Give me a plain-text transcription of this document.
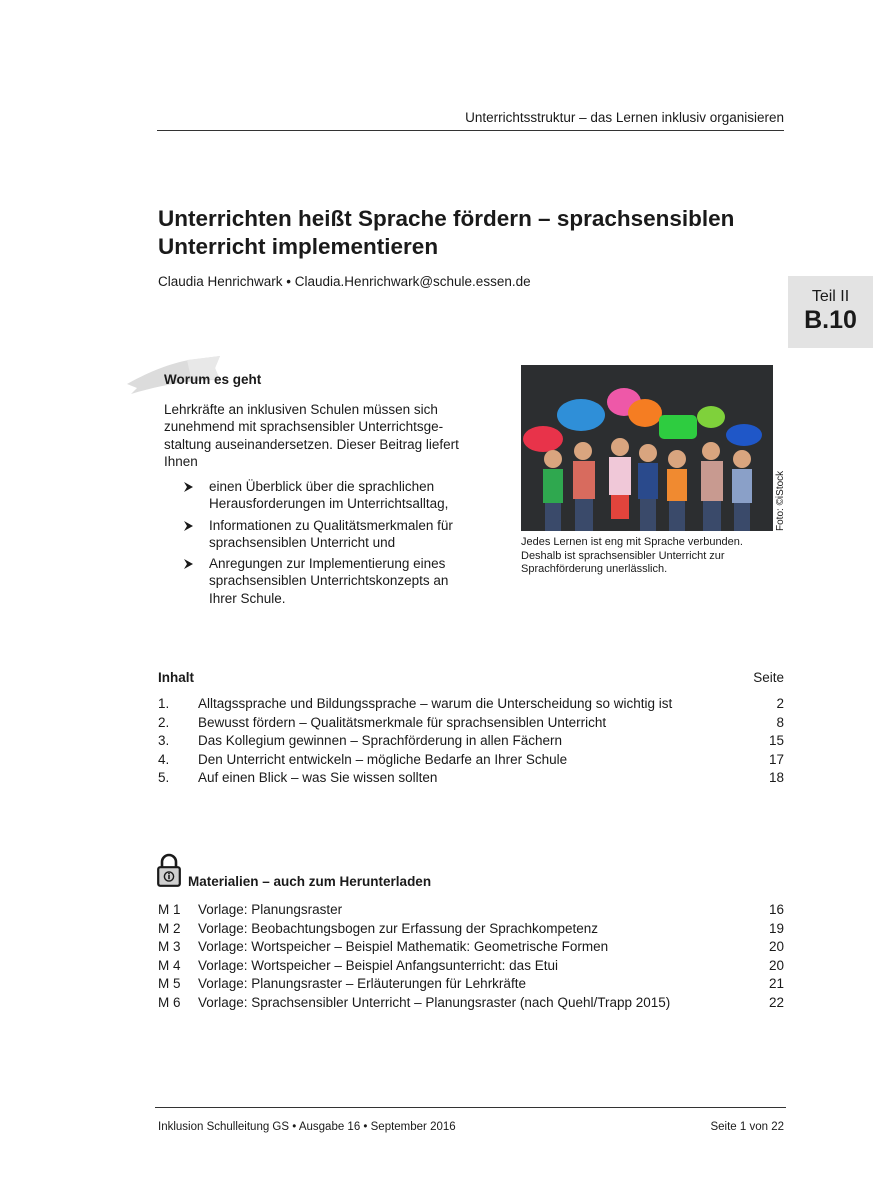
Unterrichtsstruktur – das Lernen inklusiv organisieren
Unterrichten heißt Sprache fördern – sprachsensiblen
Unterricht implementieren
Claudia Henrichwark • Claudia.Henrichwark@schule.essen.de
Teil II
B.10
Worum es geht
Lehrkräfte an inklusiven Schulen müssen sich zunehmend mit sprachsensibler Unterrichtsge-staltung auseinandersetzen. Dieser Beitrag liefert Ihnen
einen Überblick über die sprachlichen Herausforderungen im Unterrichtsalltag,
Informationen zu Qualitätsmerkmalen für sprachsensiblen Unterricht und
Anregungen zur Implementierung eines sprachsensiblen Unterrichtskonzepts an Ihrer Schule.
Foto: ©iStock
Jedes Lernen ist eng mit Sprache verbunden. Deshalb ist sprachsensibler Unterricht zur Sprachförderung unerlässlich.
Inhalt	Seite
1. Alltagssprache und Bildungssprache – warum die Unterscheidung so wichtig ist	2
2. Bewusst fördern – Qualitätsmerkmale für sprachsensiblen Unterricht	8
3. Das Kollegium gewinnen – Sprachförderung in allen Fächern	15
4. Den Unterricht entwickeln – mögliche Bedarfe an Ihrer Schule	17
5. Auf einen Blick – was Sie wissen sollten	18
Materialien – auch zum Herunterladen
M 1 Vorlage: Planungsraster	16
M 2 Vorlage: Beobachtungsbogen zur Erfassung der Sprachkompetenz	19
M 3 Vorlage: Wortspeicher – Beispiel Mathematik: Geometrische Formen	20
M 4 Vorlage: Wortspeicher – Beispiel Anfangsunterricht: das Etui	20
M 5 Vorlage: Planungsraster – Erläuterungen für Lehrkräfte	21
M 6 Vorlage: Sprachsensibler Unterricht – Planungsraster (nach Quehl/Trapp 2015)	22
Inklusion Schulleitung GS • Ausgabe 16 • September 2016	Seite 1 von 22
